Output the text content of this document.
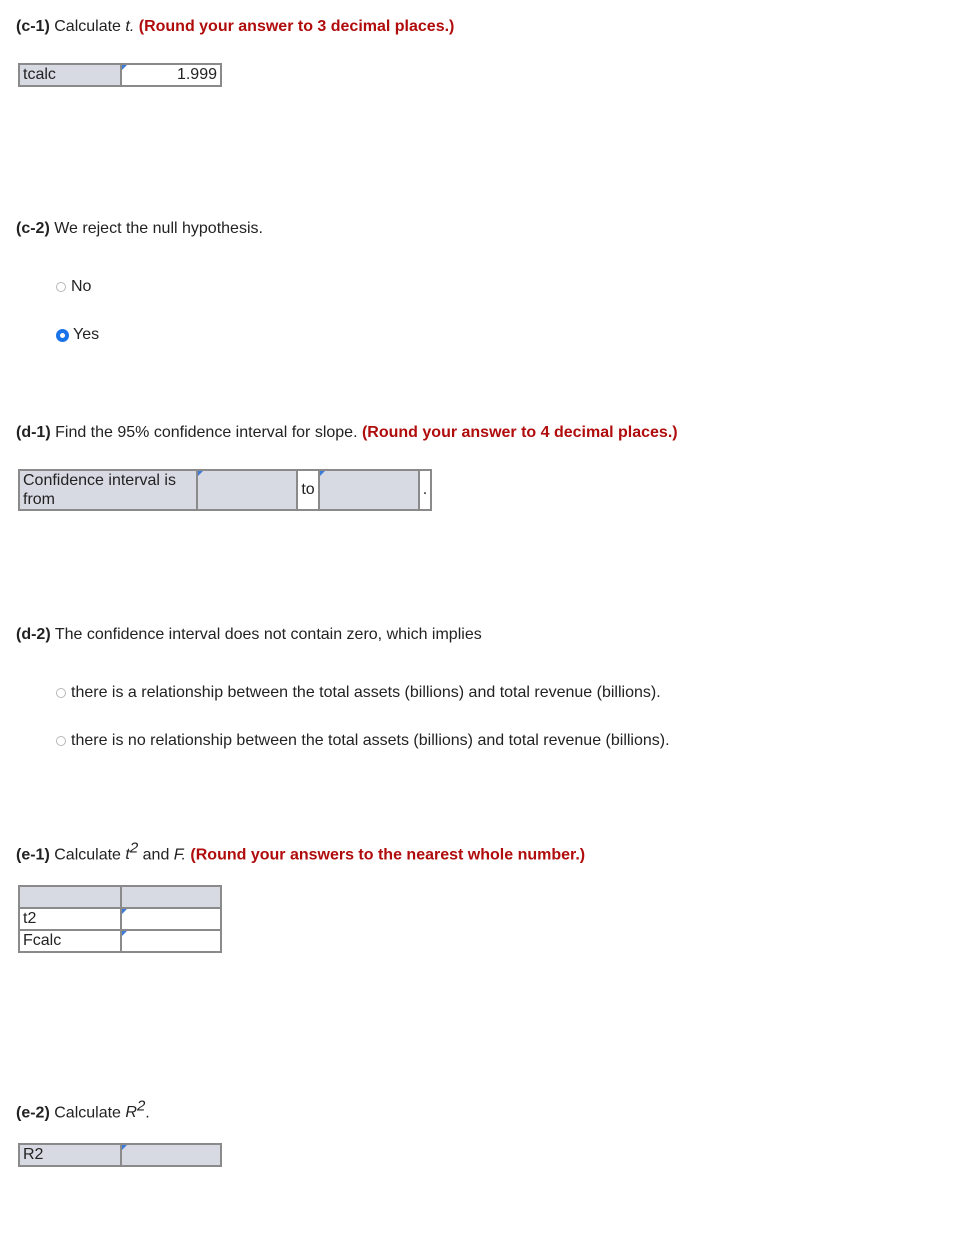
(c-1) Calculate t. (Round your answer to 3 decimal places.)
tcalc	1.999
(c-2) We reject the null hypothesis.
No
Yes
(d-1) Find the 95% confidence interval for slope. (Round your answer to 4 decimal places.)
Confidence interval is from		to		.
(d-2) The confidence interval does not contain zero, which implies
there is a relationship between the total assets (billions) and total revenue (billions).
there is no relationship between the total assets (billions) and total revenue (billions).
(e-1) Calculate $t^2$ and F. (Round your answers to the nearest whole number.)

t2	
Fcalc	
(e-2) Calculate $R^2$.
R2	
